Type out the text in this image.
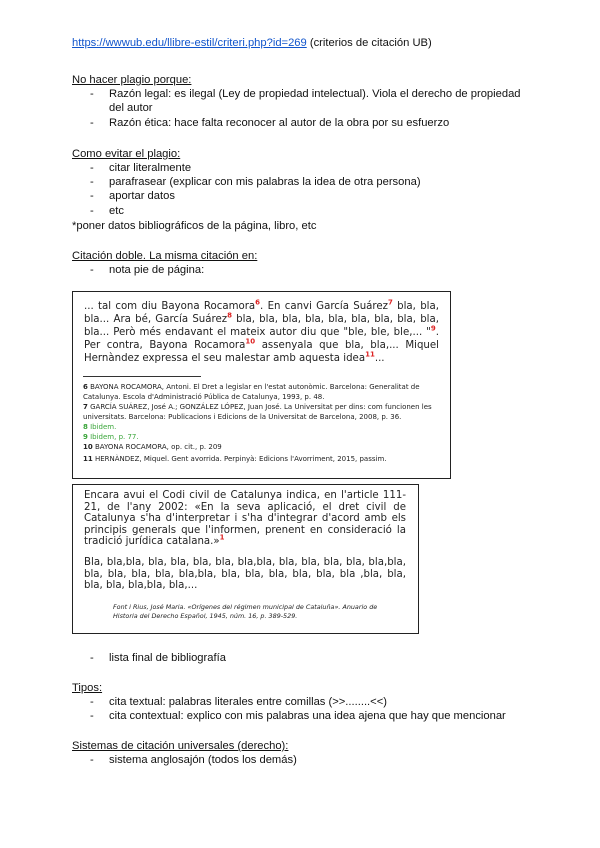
https://wwwub.edu/llibre-estil/criteri.php?id=269 (criterios de citación UB)
No hacer plagio porque:
- Razón legal: es ilegal (Ley de propiedad intelectual). Viola el derecho de propiedad del autor
- Razón ética: hace falta reconocer al autor de la obra por su esfuerzo
Como evitar el plagio:
- citar literalmente
- parafrasear (explicar con mis palabras la idea de otra persona)
- aportar datos
- etc
*poner datos bibliográficos de la página, libro, etc
Citación doble. La misma citación en:
- nota pie de página:
... tal com diu Bayona Rocamora$^6$. En canvi García Suárez$^7$ bla, bla, bla... Ara bé, García Suárez$^8$ bla, bla, bla, bla, bla, bla, bla, bla, bla, bla... Però més endavant el mateix autor diu que "ble, ble, ble,... "$^9$. Per contra, Bayona Rocamora$^{10}$ assenyala que bla, bla,... Miquel Hernàndez expressa el seu malestar amb aquesta idea$^{11}$...
6 BAYONA ROCAMORA, Antoni. El Dret a legislar en l'estat autonòmic. Barcelona: Generalitat de Catalunya. Escola d'Administració Pública de Catalunya, 1993, p. 48.
7 GARCÍA SUÁREZ, José A.; GONZÁLEZ LÓPEZ, Juan José. La Universitat per dins: com funcionen les universitats. Barcelona: Publicacions i Edicions de la Universitat de Barcelona, 2008, p. 36.
8 Ibidem.
9 Ibidem, p. 77.
10 BAYONA ROCAMORA, op. cit., p. 209
11 HERNÀNDEZ, Miquel. Gent avorrida. Perpinyà: Edicions l'Avorriment, 2015, passim.
Encara avui el Codi civil de Catalunya indica, en l'article 111-21, de l'any 2002: «En la seva aplicació, el dret civil de Catalunya s'ha d'interpretar i s'ha d'integrar d'acord amb els principis generals que l'informen, prenent en consideració la tradició jurídica catalana.»$^1$
Bla, bla,bla, bla, bla, bla, bla, bla,bla, bla, bla, bla, bla, bla,bla, bla, bla, bla, bla, bla,bla, bla, bla, bla, bla, bla, bla ,bla, bla, bla, bla, bla,bla, bla,...
Font i Rius, José Maria. «Orígenes del régimen municipal de Cataluña». Anuario de Historia del Derecho Español, 1945, núm. 16, p. 389-529.
- lista final de bibliografía
Tipos:
- cita textual: palabras literales entre comillas (>>........<<)
- cita contextual: explico con mis palabras una idea ajena que hay que mencionar
Sistemas de citación universales (derecho):
- sistema anglosajón (todos los demás)
